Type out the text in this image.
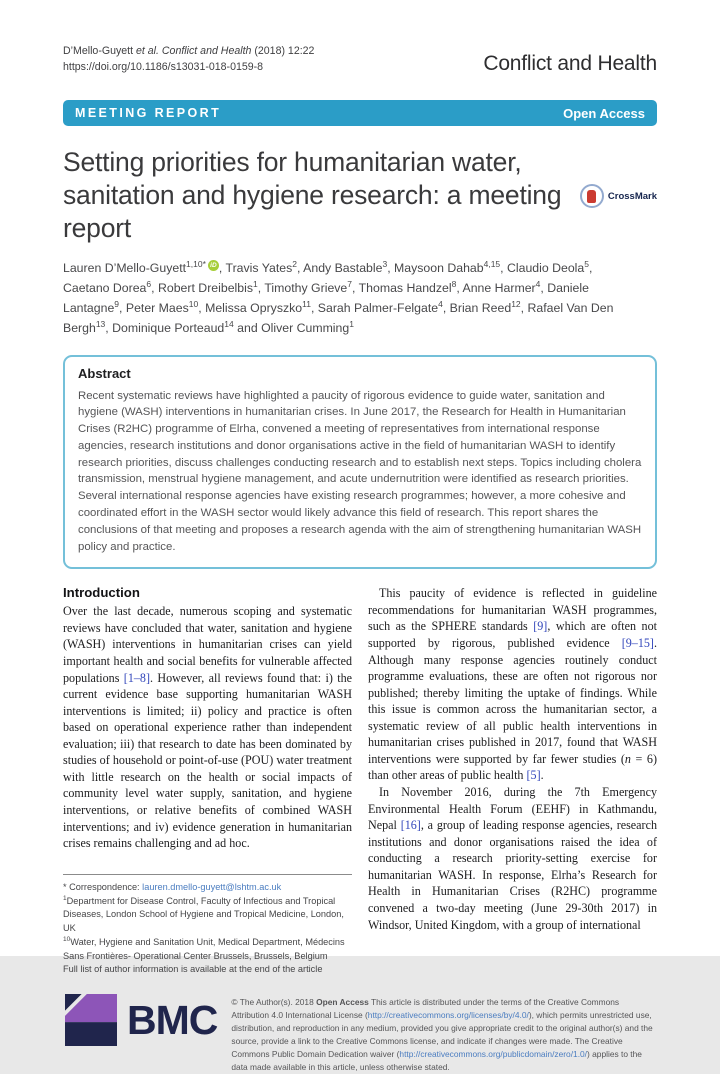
D’Mello-Guyett et al. Conflict and Health (2018) 12:22
https://doi.org/10.1186/s13031-018-0159-8	Conflict and Health
MEETING REPORT	Open Access
Setting priorities for humanitarian water, sanitation and hygiene research: a meeting report
CrossMark

Lauren D’Mello-Guyett$^{1,10*}$ iD , Travis Yates$^2$, Andy Bastable$^3$, Maysoon Dahab$^{4,15}$, Claudio Deola$^5$, Caetano Dorea$^6$, Robert Dreibelbis$^1$, Timothy Grieve$^7$, Thomas Handzel$^8$, Anne Harmer$^4$, Daniele Lantagne$^9$, Peter Maes$^{10}$, Melissa Opryszko$^{11}$, Sarah Palmer-Felgate$^4$, Brian Reed$^{12}$, Rafael Van Den Bergh$^{13}$, Dominique Porteaud$^{14}$ and Oliver Cumming$^1$

Abstract

Recent systematic reviews have highlighted a paucity of rigorous evidence to guide water, sanitation and hygiene (WASH) interventions in humanitarian crises. In June 2017, the Research for Health in Humanitarian Crises (R2HC) programme of Elrha, convened a meeting of representatives from international response agencies, research institutions and donor organisations active in the field of humanitarian WASH to identify research priorities, discuss challenges conducting research and to establish next steps. Topics including cholera transmission, menstrual hygiene management, and acute undernutrition were identified as research priorities. Several international response agencies have existing research programmes; however, a more cohesive and coordinated effort in the WASH sector would likely advance this field of research. This report shares the conclusions of that meeting and proposes a research agenda with the aim of strengthening humanitarian WASH policy and practice.

Introduction

Over the last decade, numerous scoping and systematic reviews have concluded that water, sanitation and hygiene (WASH) interventions in humanitarian crises can yield important health and social benefits for vulnerable affected populations [1–8]. However, all reviews found that: i) the current evidence base supporting humanitarian WASH interventions is limited; ii) policy and practice is often based on operational experience rather than independent evaluation; iii) that research to date has been dominated by studies of household or point-of-use (POU) water treatment with little research on the health or social impacts of community level water supply, sanitation, and hygiene interventions, or relative benefits of combined WASH interventions; and iv) evidence generation in humanitarian crises remains challenging and ad hoc.

* Correspondence: lauren.dmello-guyett@lshtm.ac.uk

$^1$Department for Disease Control, Faculty of Infectious and Tropical Diseases, London School of Hygiene and Tropical Medicine, London, UK

$^{10}$Water, Hygiene and Sanitation Unit, Medical Department, Médecins Sans Frontières- Operational Center Brussels, Brussels, Belgium

Full list of author information is available at the end of the article

This paucity of evidence is reflected in guideline recommendations for humanitarian WASH programmes, such as the SPHERE standards [9], which are often not supported by rigorous, published evidence [9–15]. Although many response agencies routinely conduct programme evaluations, these are often not rigorous nor published; thereby limiting the uptake of findings. While this issue is common across the humanitarian sector, a systematic review of all public health interventions in humanitarian crises published in 2017, found that WASH interventions were supported by far fewer studies (n = 6) than other areas of public health [5].

In November 2016, during the 7th Emergency Environmental Health Forum (EEHF) in Kathmandu, Nepal [16], a group of leading response agencies, research institutions and donor organisations raised the idea of conducting a research priority-setting exercise for humanitarian WASH. In response, Elrha’s Research for Health in Humanitarian Crises (R2HC) programme convened a two-day meeting (June 29-30th 2017) in Windsor, United Kingdom, with a group of international

BMC © The Author(s). 2018 Open Access This article is distributed under the terms of the Creative Commons Attribution 4.0 International License (http://creativecommons.org/licenses/by/4.0/), which permits unrestricted use, distribution, and reproduction in any medium, provided you give appropriate credit to the original author(s) and the source, provide a link to the Creative Commons license, and indicate if changes were made. The Creative Commons Public Domain Dedication waiver (http://creativecommons.org/publicdomain/zero/1.0/) applies to the data made available in this article, unless otherwise stated.
